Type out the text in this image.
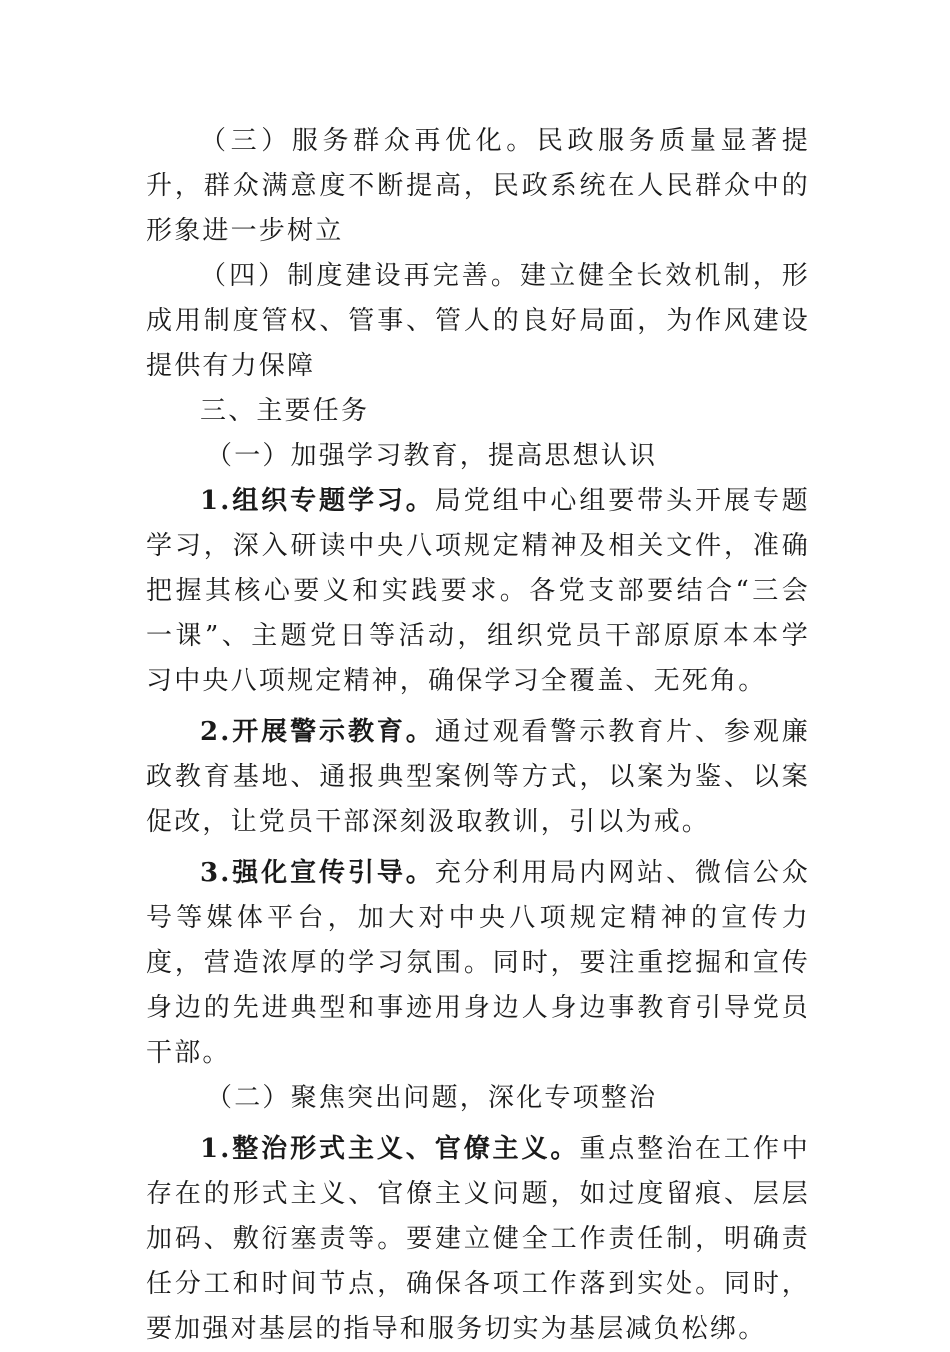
（三）服务群众再优化。民政服务质量显著提升，群众满意度不断提高，民政系统在人民群众中的形象进一步树立

（四）制度建设再完善。建立健全长效机制，形成用制度管权、管事、管人的良好局面，为作风建设提供有力保障

三、主要任务

（一）加强学习教育，提高思想认识

1.组织专题学习。局党组中心组要带头开展专题学习，深入研读中央八项规定精神及相关文件，准确把握其核心要义和实践要求。各党支部要结合“三会一课”、主题党日等活动，组织党员干部原原本本学习中央八项规定精神，确保学习全覆盖、无死角。

2.开展警示教育。通过观看警示教育片、参观廉政教育基地、通报典型案例等方式，以案为鉴、以案促改，让党员干部深刻汲取教训，引以为戒。

3.强化宣传引导。充分利用局内网站、微信公众号等媒体平台，加大对中央八项规定精神的宣传力度，营造浓厚的学习氛围。同时，要注重挖掘和宣传身边的先进典型和事迹用身边人身边事教育引导党员干部。

（二）聚焦突出问题，深化专项整治

1.整治形式主义、官僚主义。重点整治在工作中存在的形式主义、官僚主义问题，如过度留痕、层层加码、敷衍塞责等。要建立健全工作责任制，明确责任分工和时间节点，确保各项工作落到实处。同时，要加强对基层的指导和服务切实为基层减负松绑。
